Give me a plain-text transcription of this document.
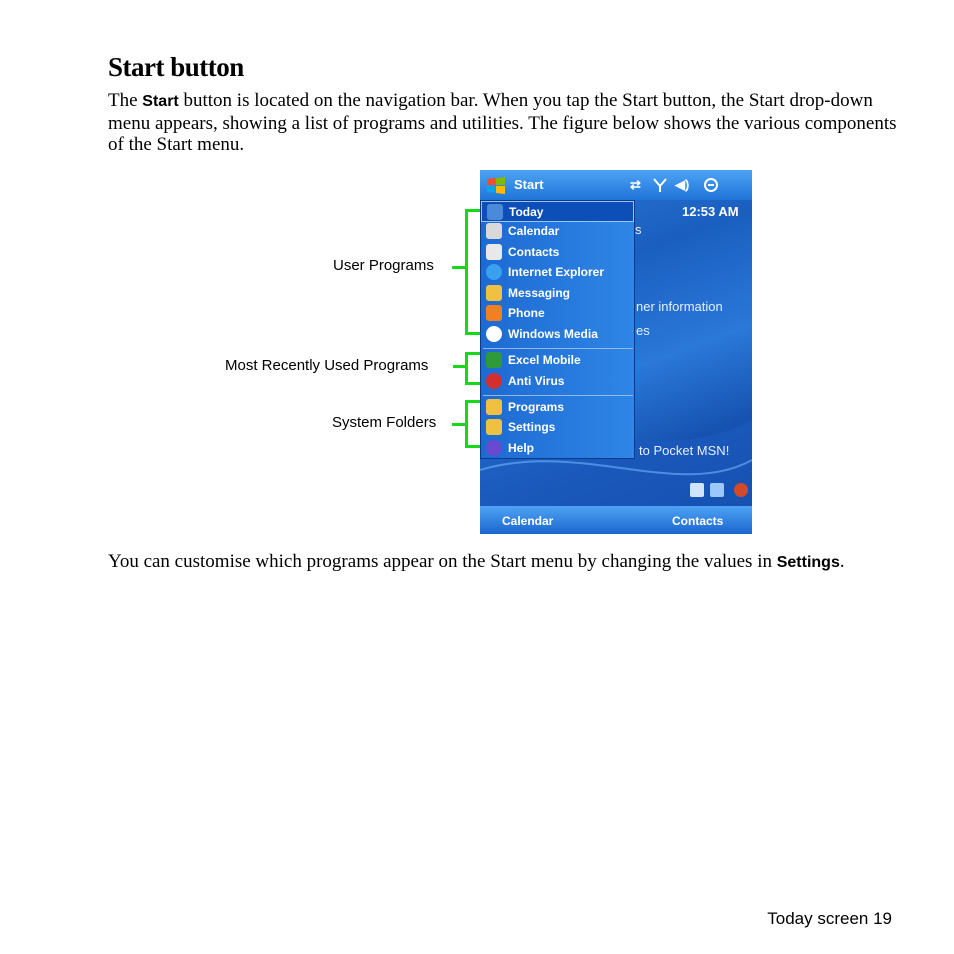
Start button
The Start button is located on the navigation bar. When you tap the Start button, the Start drop-down menu appears, showing a list of programs and utilities. The figure below shows the various components of the Start menu.
User Programs
Most Recently Used Programs
System Folders
Start	⇄	◀︎)
12:53 AM
s
ner information
es
to Pocket MSN!
Today
Calendar
Contacts
Internet Explorer
Messaging
Phone
Windows Media
Excel Mobile
Anti Virus
Programs
Settings
Help
Calendar	Contacts
You can customise which programs appear on the Start menu by changing the values in Settings.
Today screen 19
